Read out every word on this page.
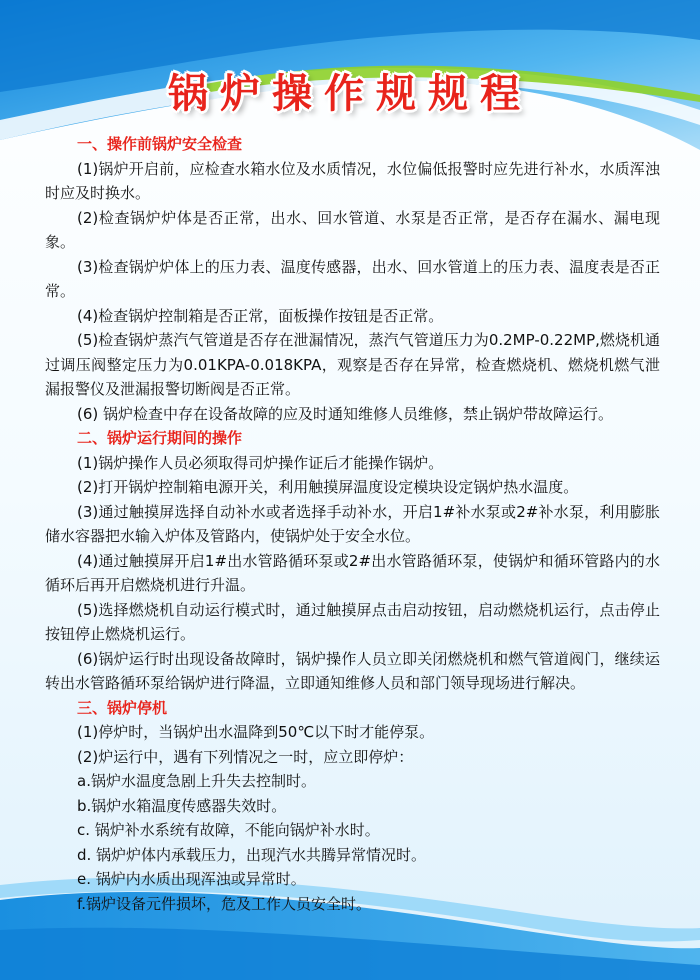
锅炉操作规规程

一、操作前锅炉安全检查

(1)锅炉开启前，应检查水箱水位及水质情况，水位偏低报警时应先进行补水，水质浑浊时应及时换水。

(2)检查锅炉炉体是否正常，出水、回水管道、水泵是否正常，是否存在漏水、漏电现象。

(3)检查锅炉炉体上的压力表、温度传感器，出水、回水管道上的压力表、温度表是否正常。

(4)检查锅炉控制箱是否正常，面板操作按钮是否正常。

(5)检查锅炉蒸汽气管道是否存在泄漏情况，蒸汽气管道压力为0.2MP-0.22MP,燃烧机通过调压阀整定压力为0.01KPA-0.018KPA，观察是否存在异常，检查燃烧机、燃烧机燃气泄漏报警仪及泄漏报警切断阀是否正常。

(6) 锅炉检查中存在设备故障的应及时通知维修人员维修，禁止锅炉带故障运行。

二、锅炉运行期间的操作

(1)锅炉操作人员必须取得司炉操作证后才能操作锅炉。

(2)打开锅炉控制箱电源开关，利用触摸屏温度设定模块设定锅炉热水温度。

(3)通过触摸屏选择自动补水或者选择手动补水，开启1#补水泵或2#补水泵，利用膨胀储水容器把水输入炉体及管路内，使锅炉处于安全水位。

(4)通过触摸屏开启1#出水管路循环泵或2#出水管路循环泵，使锅炉和循环管路内的水循环后再开启燃烧机进行升温。

(5)选择燃烧机自动运行模式时，通过触摸屏点击启动按钮，启动燃烧机运行，点击停止按钮停止燃烧机运行。

(6)锅炉运行时出现设备故障时，锅炉操作人员立即关闭燃烧机和燃气管道阀门，继续运转出水管路循环泵给锅炉进行降温，立即通知维修人员和部门领导现场进行解决。

三、锅炉停机

(1)停炉时，当锅炉出水温降到50℃以下时才能停泵。

(2)炉运行中，遇有下列情况之一时，应立即停炉：

a.锅炉水温度急剧上升失去控制时。

b.锅炉水箱温度传感器失效时。

c. 锅炉补水系统有故障，不能向锅炉补水时。

d. 锅炉炉体内承载压力，出现汽水共腾异常情况时。

e. 锅炉内水质出现浑浊或异常时。

f.锅炉设备元件损坏，危及工作人员安全时。
